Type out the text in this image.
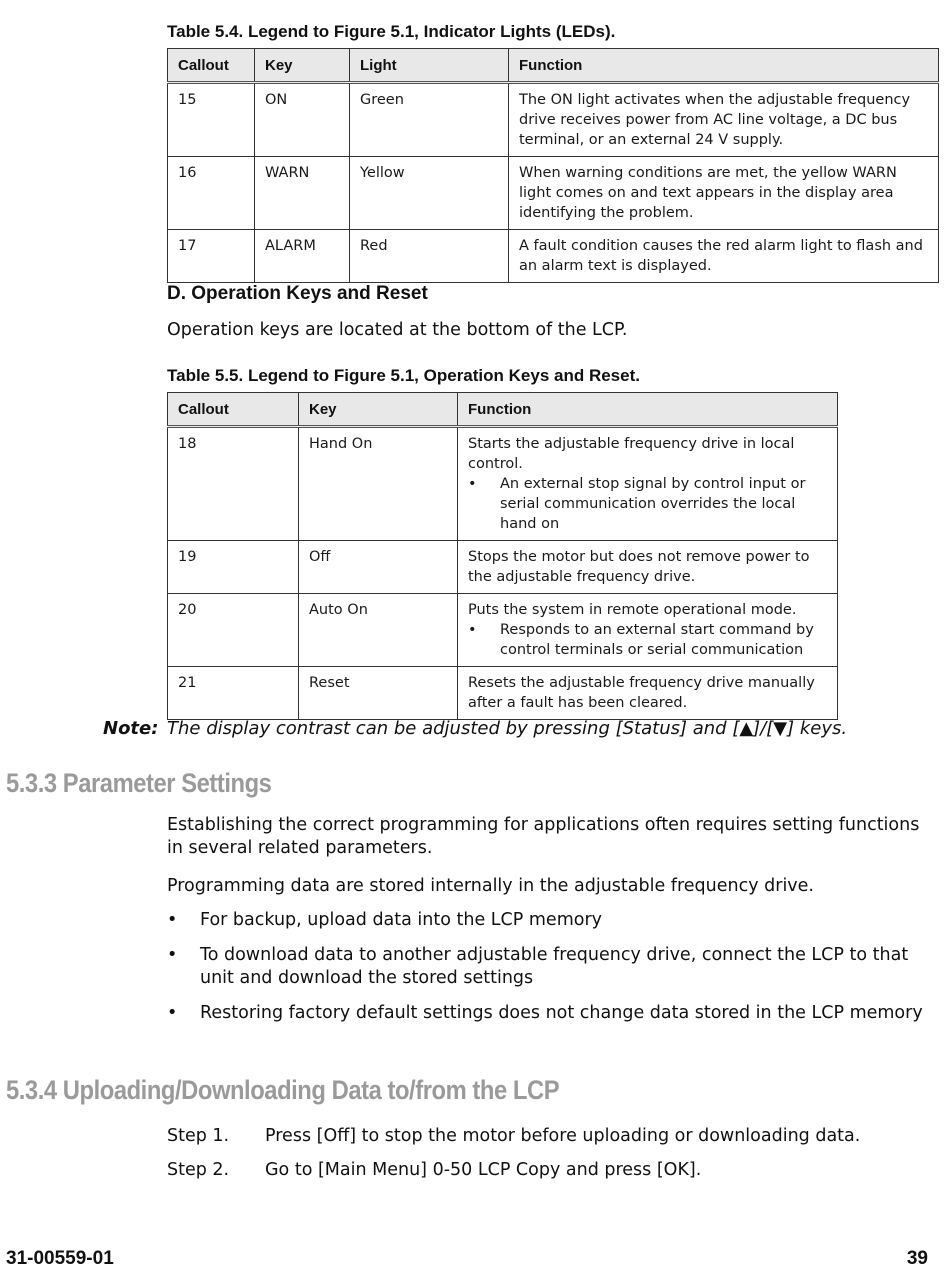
Table 5.4. Legend to Figure 5.1, Indicator Lights (LEDs).
Callout	Key	Light	Function
15	ON	Green	The ON light activates when the adjustable frequency drive receives power from AC line voltage, a DC bus terminal, or an external 24 V supply.
16	WARN	Yellow	When warning conditions are met, the yellow WARN light comes on and text appears in the display area identifying the problem.
17	ALARM	Red	A fault condition causes the red alarm light to flash and an alarm text is displayed.
D. Operation Keys and Reset
Operation keys are located at the bottom of the LCP.
Table 5.5. Legend to Figure 5.1, Operation Keys and Reset.
Callout	Key	Function
18	Hand On	Starts the adjustable frequency drive in local control.
• An external stop signal by control input or serial communication overrides the local hand on

19	Off	Stops the motor but does not remove power to the adjustable frequency drive.
20	Auto On	Puts the system in remote operational mode.
• Responds to an external start command by control terminals or serial communication

21	Reset	Resets the adjustable frequency drive manually after a fault has been cleared.
Note: The display contrast can be adjusted by pressing [Status] and [▲]/[▼] keys.
5.3.3 Parameter Settings
Establishing the correct programming for applications often requires setting functions in several related parameters.
Programming data are stored internally in the adjustable frequency drive.
•	For backup, upload data into the LCP memory
•	To download data to another adjustable frequency drive, connect the LCP to that unit and download the stored settings
•	Restoring factory default settings does not change data stored in the LCP memory
5.3.4 Uploading/Downloading Data to/from the LCP
Step 1.	Press [Off] to stop the motor before uploading or downloading data.
Step 2.	Go to [Main Menu] 0-50 LCP Copy and press [OK].
31-00559-01	39
